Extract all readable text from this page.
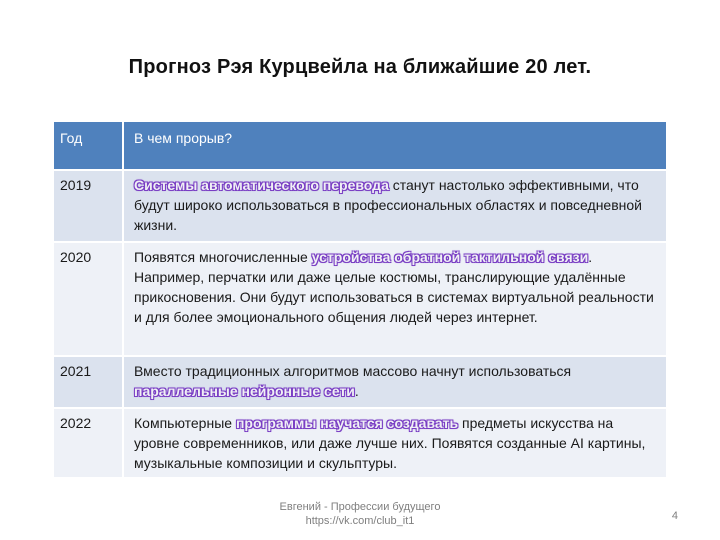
Прогноз Рэя Курцвейла на ближайшие 20 лет.
Год	В чем прорыв?
2019	Системы автоматического перевода станут настолько эффективными, что будут широко использоваться в профессиональных областях и повседневной жизни.
2020	Появятся многочисленные устройства обратной тактильной связи. Например, перчатки или даже целые костюмы, транслирующие удалённые прикосновения. Они будут использоваться в системах виртуальной реальности и для более эмоционального общения людей через интернет.
2021	Вместо традиционных алгоритмов массово начнут использоваться параллельные нейронные сети.
2022	Компьютерные программы научатся создавать предметы искусства на уровне современников, или даже лучше них. Появятся созданные AI картины, музыкальные композиции и скульптуры.
Евгений - Профессии будущего
https://vk.com/club_it1	4
